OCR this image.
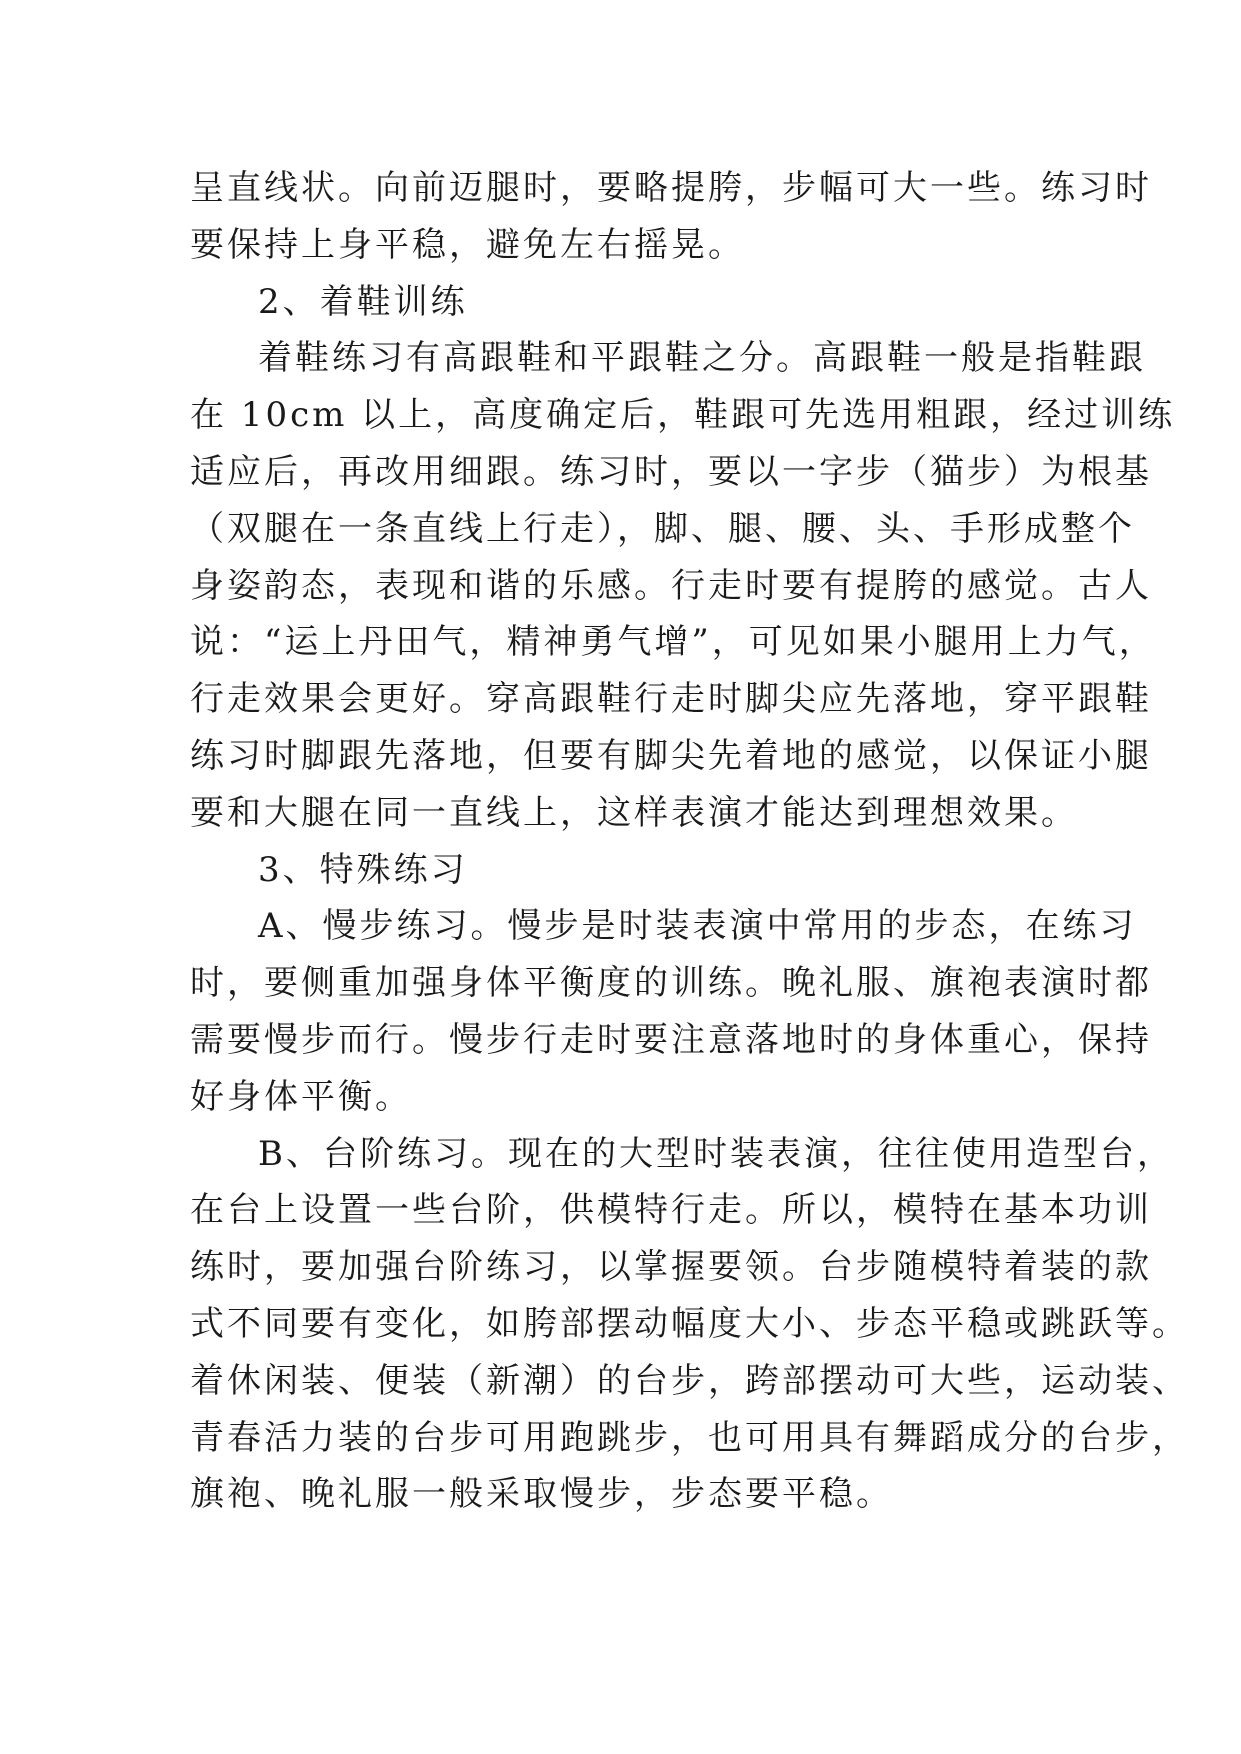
呈直线状。向前迈腿时，要略提胯，步幅可大一些。练习时
要保持上身平稳，避免左右摇晃。
2、着鞋训练
着鞋练习有高跟鞋和平跟鞋之分。高跟鞋一般是指鞋跟
在 10cm 以上，高度确定后，鞋跟可先选用粗跟，经过训练
适应后，再改用细跟。练习时，要以一字步（猫步）为根基
（双腿在一条直线上行走），脚、腿、腰、头、手形成整个
身姿韵态，表现和谐的乐感。行走时要有提胯的感觉。古人
说：“运上丹田气，精神勇气增”，可见如果小腿用上力气，
行走效果会更好。穿高跟鞋行走时脚尖应先落地，穿平跟鞋
练习时脚跟先落地，但要有脚尖先着地的感觉，以保证小腿
要和大腿在同一直线上，这样表演才能达到理想效果。
3、特殊练习
A、慢步练习。慢步是时装表演中常用的步态，在练习
时，要侧重加强身体平衡度的训练。晚礼服、旗袍表演时都
需要慢步而行。慢步行走时要注意落地时的身体重心，保持
好身体平衡。
B、台阶练习。现在的大型时装表演，往往使用造型台，
在台上设置一些台阶，供模特行走。所以，模特在基本功训
练时，要加强台阶练习，以掌握要领。台步随模特着装的款
式不同要有变化，如胯部摆动幅度大小、步态平稳或跳跃等。
着休闲装、便装（新潮）的台步，跨部摆动可大些，运动装、
青春活力装的台步可用跑跳步，也可用具有舞蹈成分的台步，
旗袍、晚礼服一般采取慢步，步态要平稳。
